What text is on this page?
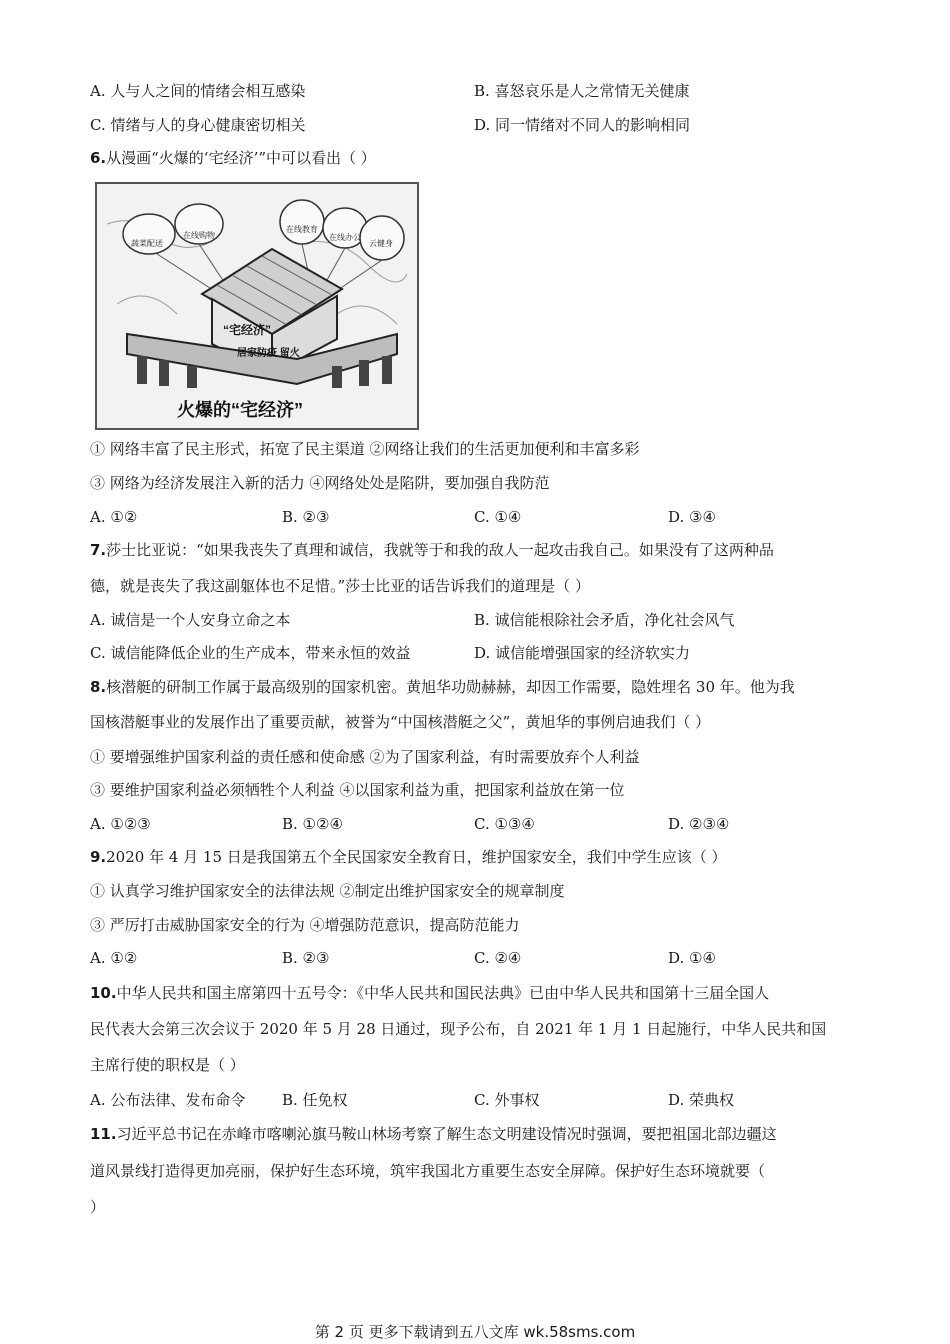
A. 人与人之间的情绪会相互感染	B. 喜怒哀乐是人之常情无关健康
C. 情绪与人的身心健康密切相关	D. 同一情绪对不同人的影响相同
6.从漫画“火爆的‘宅经济’”中可以看出（ ）
蔬菜配送
在线购物
在线教育
在线办公
云健身
“宅经济”
居家防疫 留火
火爆的“宅经济”
① 网络丰富了民主形式，拓宽了民主渠道 ②网络让我们的生活更加便利和丰富多彩
③ 网络为经济发展注入新的活力 ④网络处处是陷阱，要加强自我防范
A. ①②	B. ②③	C. ①④	D. ③④
7.莎士比亚说：“如果我丧失了真理和诚信，我就等于和我的敌人一起攻击我自己。如果没有了这两种品
德，就是丧失了我这副躯体也不足惜。”莎士比亚的话告诉我们的道理是（ ）
A. 诚信是一个人安身立命之本	B. 诚信能根除社会矛盾，净化社会风气
C. 诚信能降低企业的生产成本，带来永恒的效益	D. 诚信能增强国家的经济软实力
8.核潜艇的研制工作属于最高级别的国家机密。黄旭华功勋赫赫，却因工作需要，隐姓埋名 30 年。他为我
国核潜艇事业的发展作出了重要贡献，被誉为“中国核潜艇之父”，黄旭华的事例启迪我们（ ）
① 要增强维护国家利益的责任感和使命感 ②为了国家利益，有时需要放弃个人利益
③ 要维护国家利益必须牺牲个人利益 ④以国家利益为重，把国家利益放在第一位
A. ①②③	B. ①②④	C. ①③④	D. ②③④
9.2020 年 4 月 15 日是我国第五个全民国家安全教育日，维护国家安全，我们中学生应该（ ）
① 认真学习维护国家安全的法律法规 ②制定出维护国家安全的规章制度
③ 严厉打击威胁国家安全的行为 ④增强防范意识，提高防范能力
A. ①②	B. ②③	C. ②④	D. ①④
10.中华人民共和国主席第四十五号令：《中华人民共和国民法典》已由中华人民共和国第十三届全国人
民代表大会第三次会议于 2020 年 5 月 28 日通过，现予公布，自 2021 年 1 月 1 日起施行，中华人民共和国
主席行使的职权是（ ）
A. 公布法律、发布命令 B. 任免权	C. 外事权	D. 荣典权
11.习近平总书记在赤峰市喀喇沁旗马鞍山林场考察了解生态文明建设情况时强调，要把祖国北部边疆这
道风景线打造得更加亮丽，保护好生态环境，筑牢我国北方重要生态安全屏障。保护好生态环境就要（
）
第 2 页 更多下载请到五八文库 wk.58sms.com
